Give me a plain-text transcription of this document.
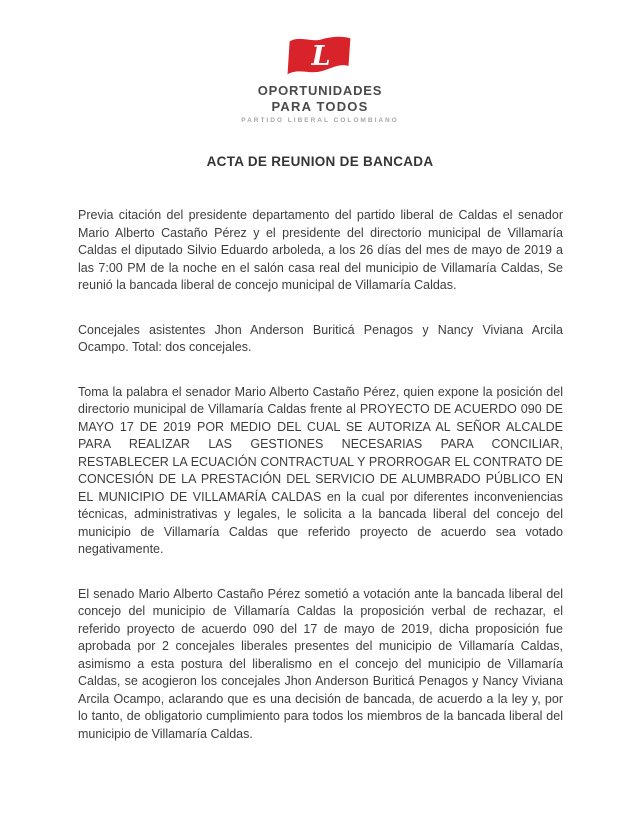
L
OPORTUNIDADES
PARA TODOS
PARTIDO LIBERAL COLOMBIANO
ACTA DE REUNION DE BANCADA

Previa citación del presidente departamento del partido liberal de Caldas el senador Mario Alberto Castaño Pérez y el presidente del directorio municipal de Villamaría Caldas el diputado Silvio Eduardo arboleda, a los 26 días del mes de mayo de 2019 a las 7:00 PM de la noche en el salón casa real del municipio de Villamaría Caldas, Se reunió la bancada liberal de concejo municipal de Villamaría Caldas.

Concejales asistentes Jhon Anderson Buriticá Penagos y Nancy Viviana Arcila Ocampo. Total: dos concejales.

Toma la palabra el senador Mario Alberto Castaño Pérez, quien expone la posición del directorio municipal de Villamaría Caldas frente al PROYECTO DE ACUERDO 090 DE MAYO 17 DE 2019 POR MEDIO DEL CUAL SE AUTORIZA AL SEÑOR ALCALDE PARA REALIZAR LAS GESTIONES NECESARIAS PARA CONCILIAR, RESTABLECER LA ECUACIÓN CONTRACTUAL Y PRORROGAR EL CONTRATO DE CONCESIÓN DE LA PRESTACIÓN DEL SERVICIO DE ALUMBRADO PÚBLICO EN EL MUNICIPIO DE VILLAMARÍA CALDAS en la cual por diferentes inconveniencias técnicas, administrativas y legales, le solicita a la bancada liberal del concejo del municipio de Villamaría Caldas que referido proyecto de acuerdo sea votado negativamente.

El senado Mario Alberto Castaño Pérez sometió a votación ante la bancada liberal del concejo del municipio de Villamaría Caldas la proposición verbal de rechazar, el referido proyecto de acuerdo 090 del 17 de mayo de 2019, dicha proposición fue aprobada por 2 concejales liberales presentes del municipio de Villamaría Caldas, asimismo a esta postura del liberalismo en el concejo del municipio de Villamaría Caldas, se acogieron los concejales Jhon Anderson Buriticá Penagos y Nancy Viviana Arcila Ocampo, aclarando que es una decisión de bancada, de acuerdo a la ley y, por lo tanto, de obligatorio cumplimiento para todos los miembros de la bancada liberal del municipio de Villamaría Caldas.
